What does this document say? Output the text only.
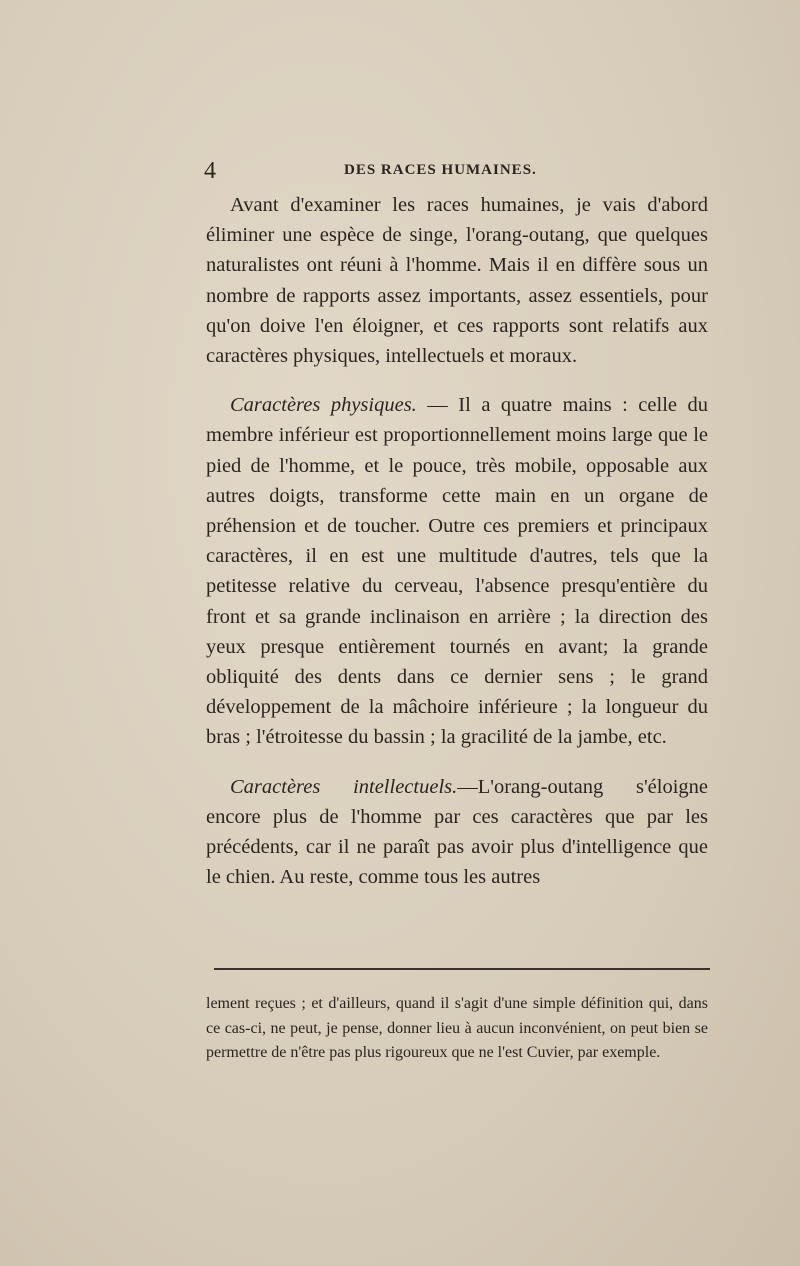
4	DES RACES HUMAINES.

Avant d'examiner les races humaines, je vais d'abord éliminer une espèce de singe, l'orang-outang, que quelques naturalistes ont réuni à l'homme. Mais il en diffère sous un nombre de rapports assez importants, assez essentiels, pour qu'on doive l'en éloigner, et ces rapports sont relatifs aux caractères physiques, intellectuels et moraux.

Caractères physiques. — Il a quatre mains : celle du membre inférieur est proportionnellement moins large que le pied de l'homme, et le pouce, très mobile, opposable aux autres doigts, transforme cette main en un organe de préhension et de toucher. Outre ces premiers et principaux caractères, il en est une multitude d'autres, tels que la petitesse relative du cerveau, l'absence presqu'entière du front et sa grande inclinaison en arrière ; la direction des yeux presque entièrement tournés en avant; la grande obliquité des dents dans ce dernier sens ; le grand développement de la mâchoire inférieure ; la longueur du bras ; l'étroitesse du bassin ; la gracilité de la jambe, etc.

Caractères intellectuels.—L'orang-outang s'éloigne encore plus de l'homme par ces caractères que par les précédents, car il ne paraît pas avoir plus d'intelligence que le chien. Au reste, comme tous les autres

lement reçues ; et d'ailleurs, quand il s'agit d'une simple définition qui, dans ce cas-ci, ne peut, je pense, donner lieu à aucun inconvénient, on peut bien se permettre de n'être pas plus rigoureux que ne l'est Cuvier, par exemple.
